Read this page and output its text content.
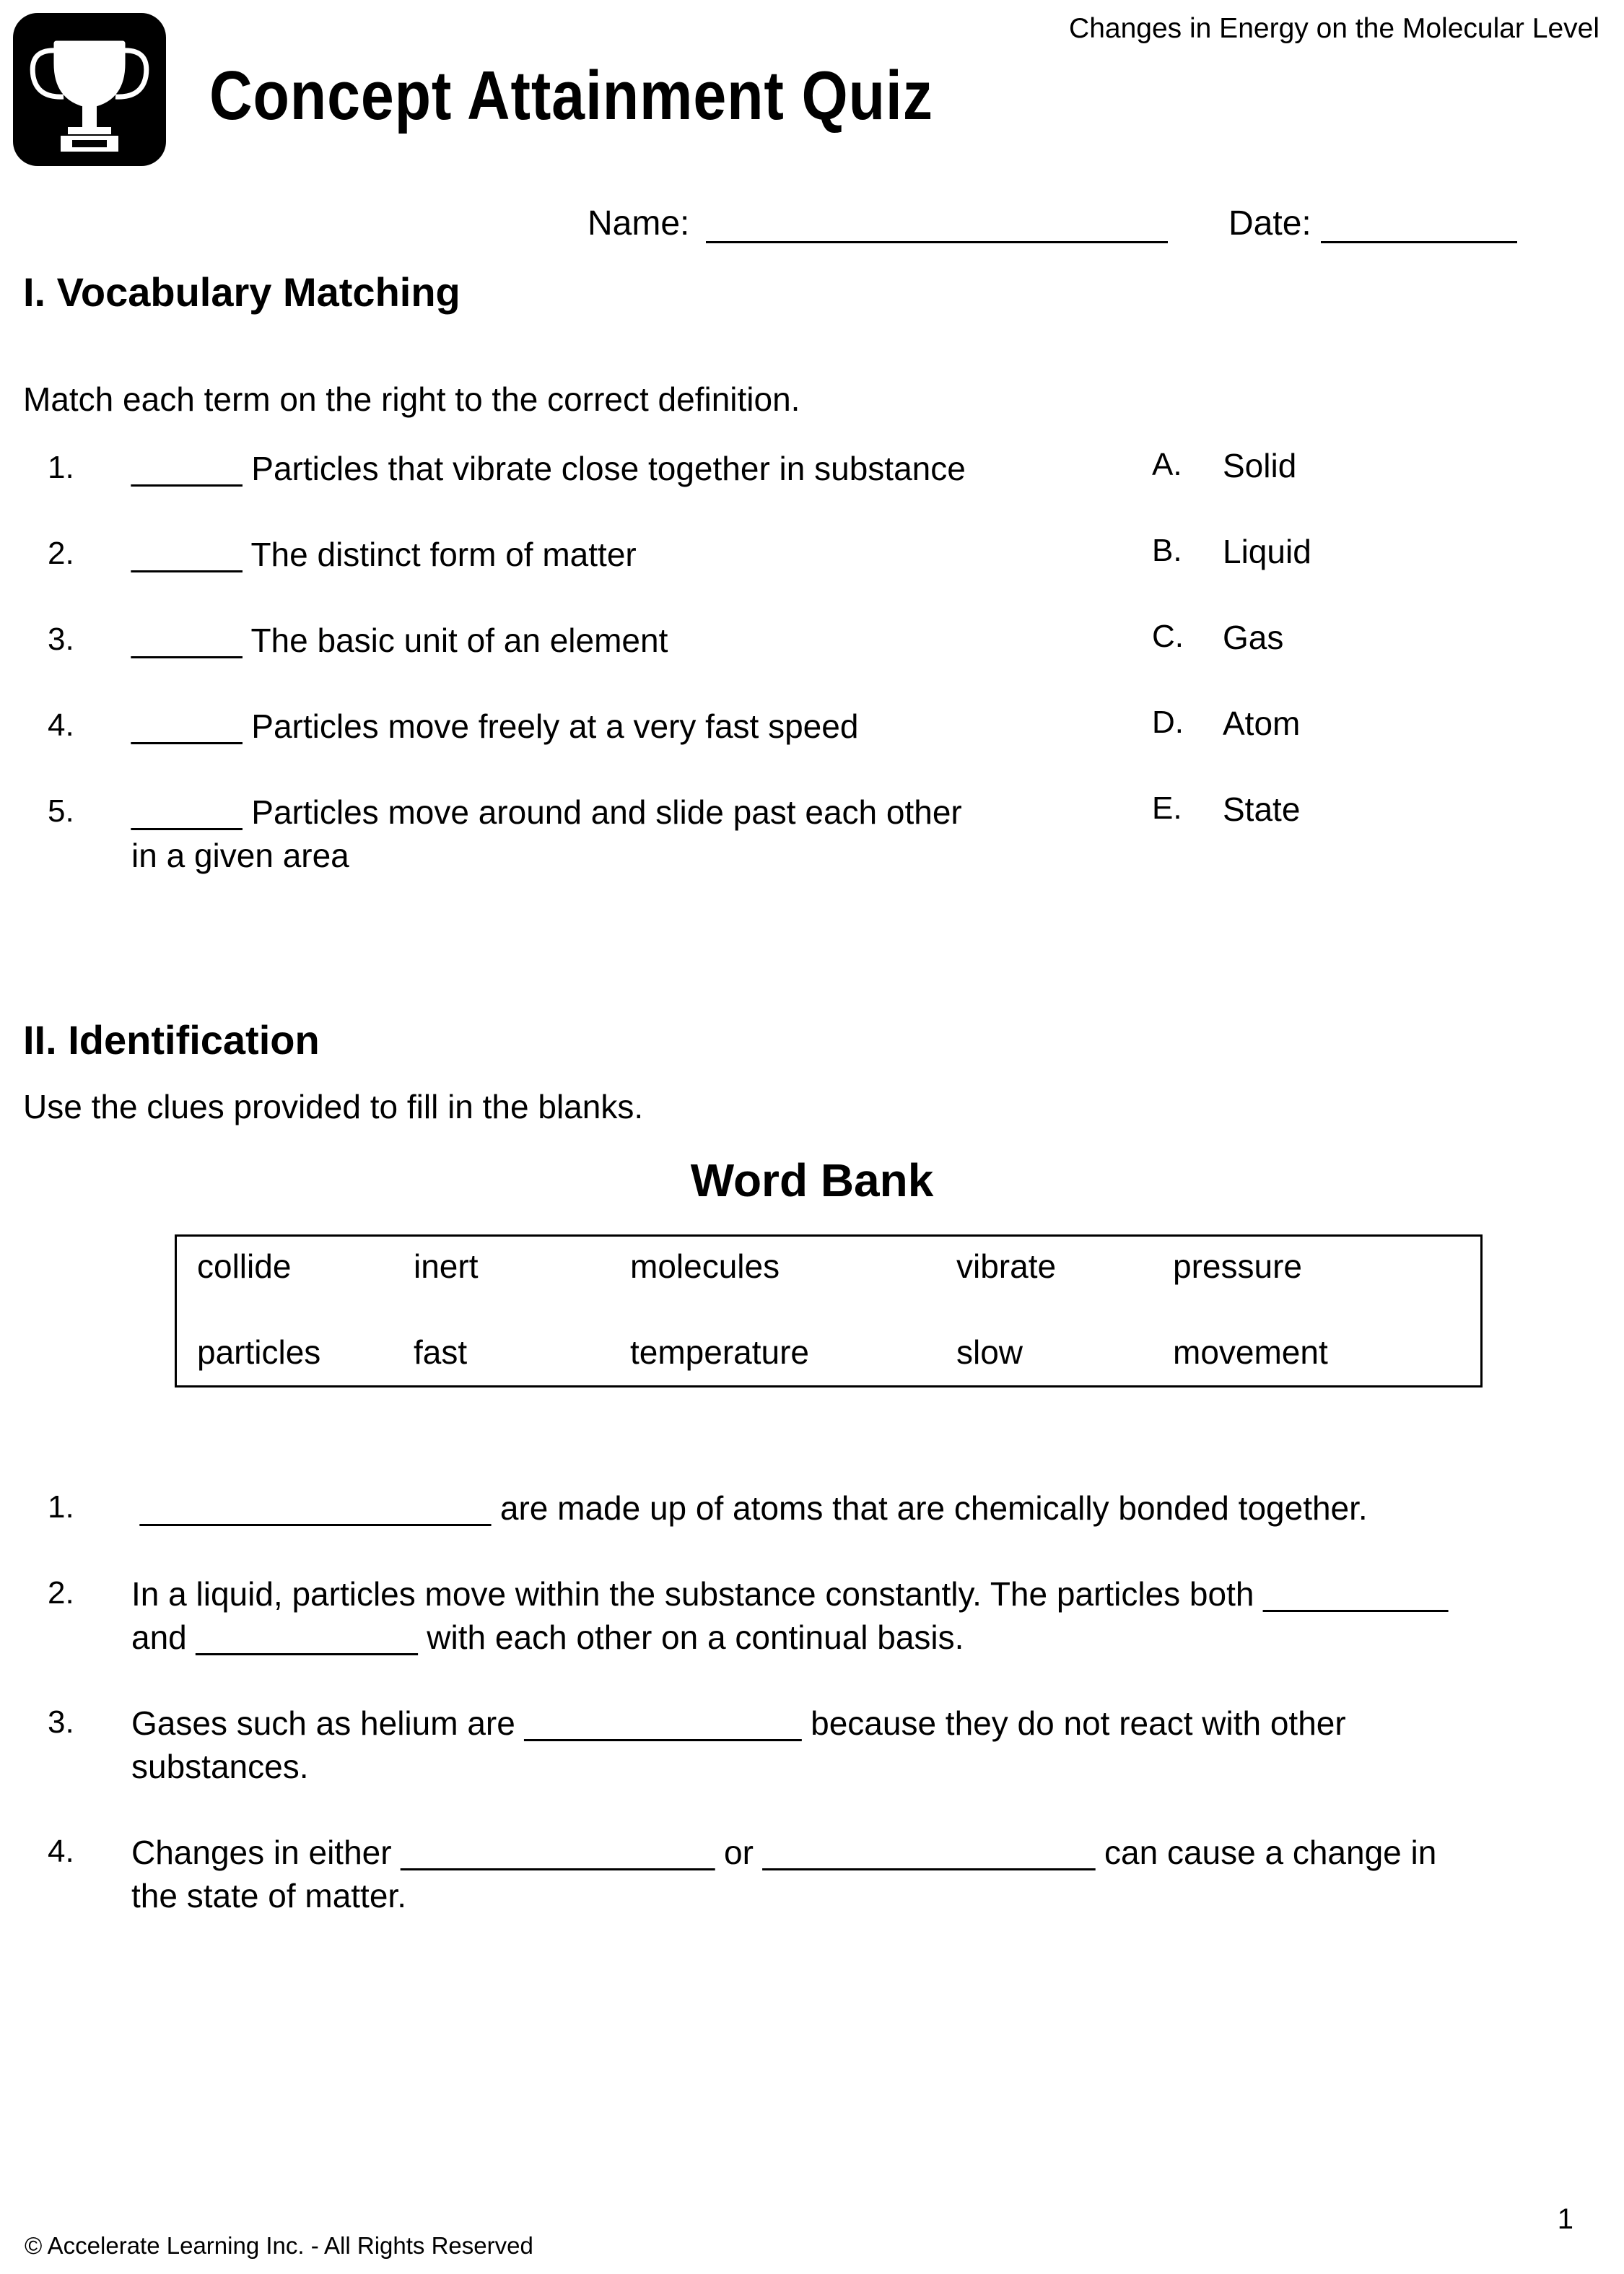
Changes in Energy on the Molecular Level
Concept Attainment Quiz
Name:	Date:
I. Vocabulary Matching
Match each term on the right to the correct definition.
1. ______ Particles that vibrate close together in substance
2. ______ The distinct form of matter
3. ______ The basic unit of an element
4. ______ Particles move freely at a very fast speed
5. ______ Particles move around and slide past each other
in a given area
A. Solid
B. Liquid
C. Gas
D. Atom
E. State
II. Identification
Use the clues provided to fill in the blanks.
Word Bank
collide	inert	molecules	vibrate	pressure
particles	fast	temperature	slow	movement
1. ___________________ are made up of atoms that are chemically bonded together.
2. In a liquid, particles move within the substance constantly. The particles both __________
and ____________ with each other on a continual basis.
3. Gases such as helium are _______________ because they do not react with other
substances.
4. Changes in either _________________ or __________________ can cause a change in
the state of matter.
© Accelerate Learning Inc. - All Rights Reserved
1
